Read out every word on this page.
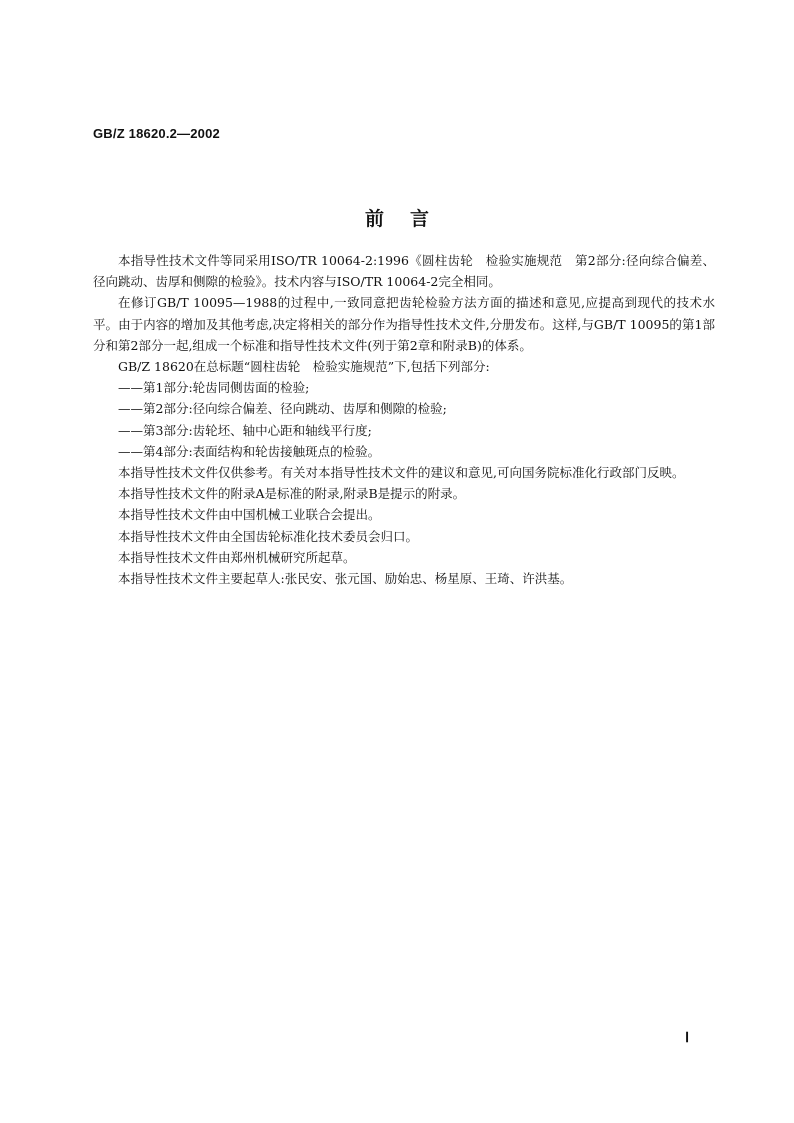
GB/Z 18620.2—2002
前言

本指导性技术文件等同采用ISO/TR 10064-2:1996《圆柱齿轮　检验实施规范　第2部分:径向综合偏差、径向跳动、齿厚和侧隙的检验》。技术内容与ISO/TR 10064-2完全相同。

在修订GB/T 10095—1988的过程中,一致同意把齿轮检验方法方面的描述和意见,应提高到现代的技术水平。由于内容的增加及其他考虑,决定将相关的部分作为指导性技术文件,分册发布。这样,与GB/T 10095的第1部分和第2部分一起,组成一个标准和指导性技术文件(列于第2章和附录B)的体系。

GB/Z 18620在总标题“圆柱齿轮　检验实施规范”下,包括下列部分:

——第1部分:轮齿同侧齿面的检验;

——第2部分:径向综合偏差、径向跳动、齿厚和侧隙的检验;

——第3部分:齿轮坯、轴中心距和轴线平行度;

——第4部分:表面结构和轮齿接触斑点的检验。

本指导性技术文件仅供参考。有关对本指导性技术文件的建议和意见,可向国务院标准化行政部门反映。

本指导性技术文件的附录A是标准的附录,附录B是提示的附录。

本指导性技术文件由中国机械工业联合会提出。

本指导性技术文件由全国齿轮标准化技术委员会归口。

本指导性技术文件由郑州机械研究所起草。

本指导性技术文件主要起草人:张民安、张元国、励始忠、杨星原、王琦、许洪基。

Ⅰ
